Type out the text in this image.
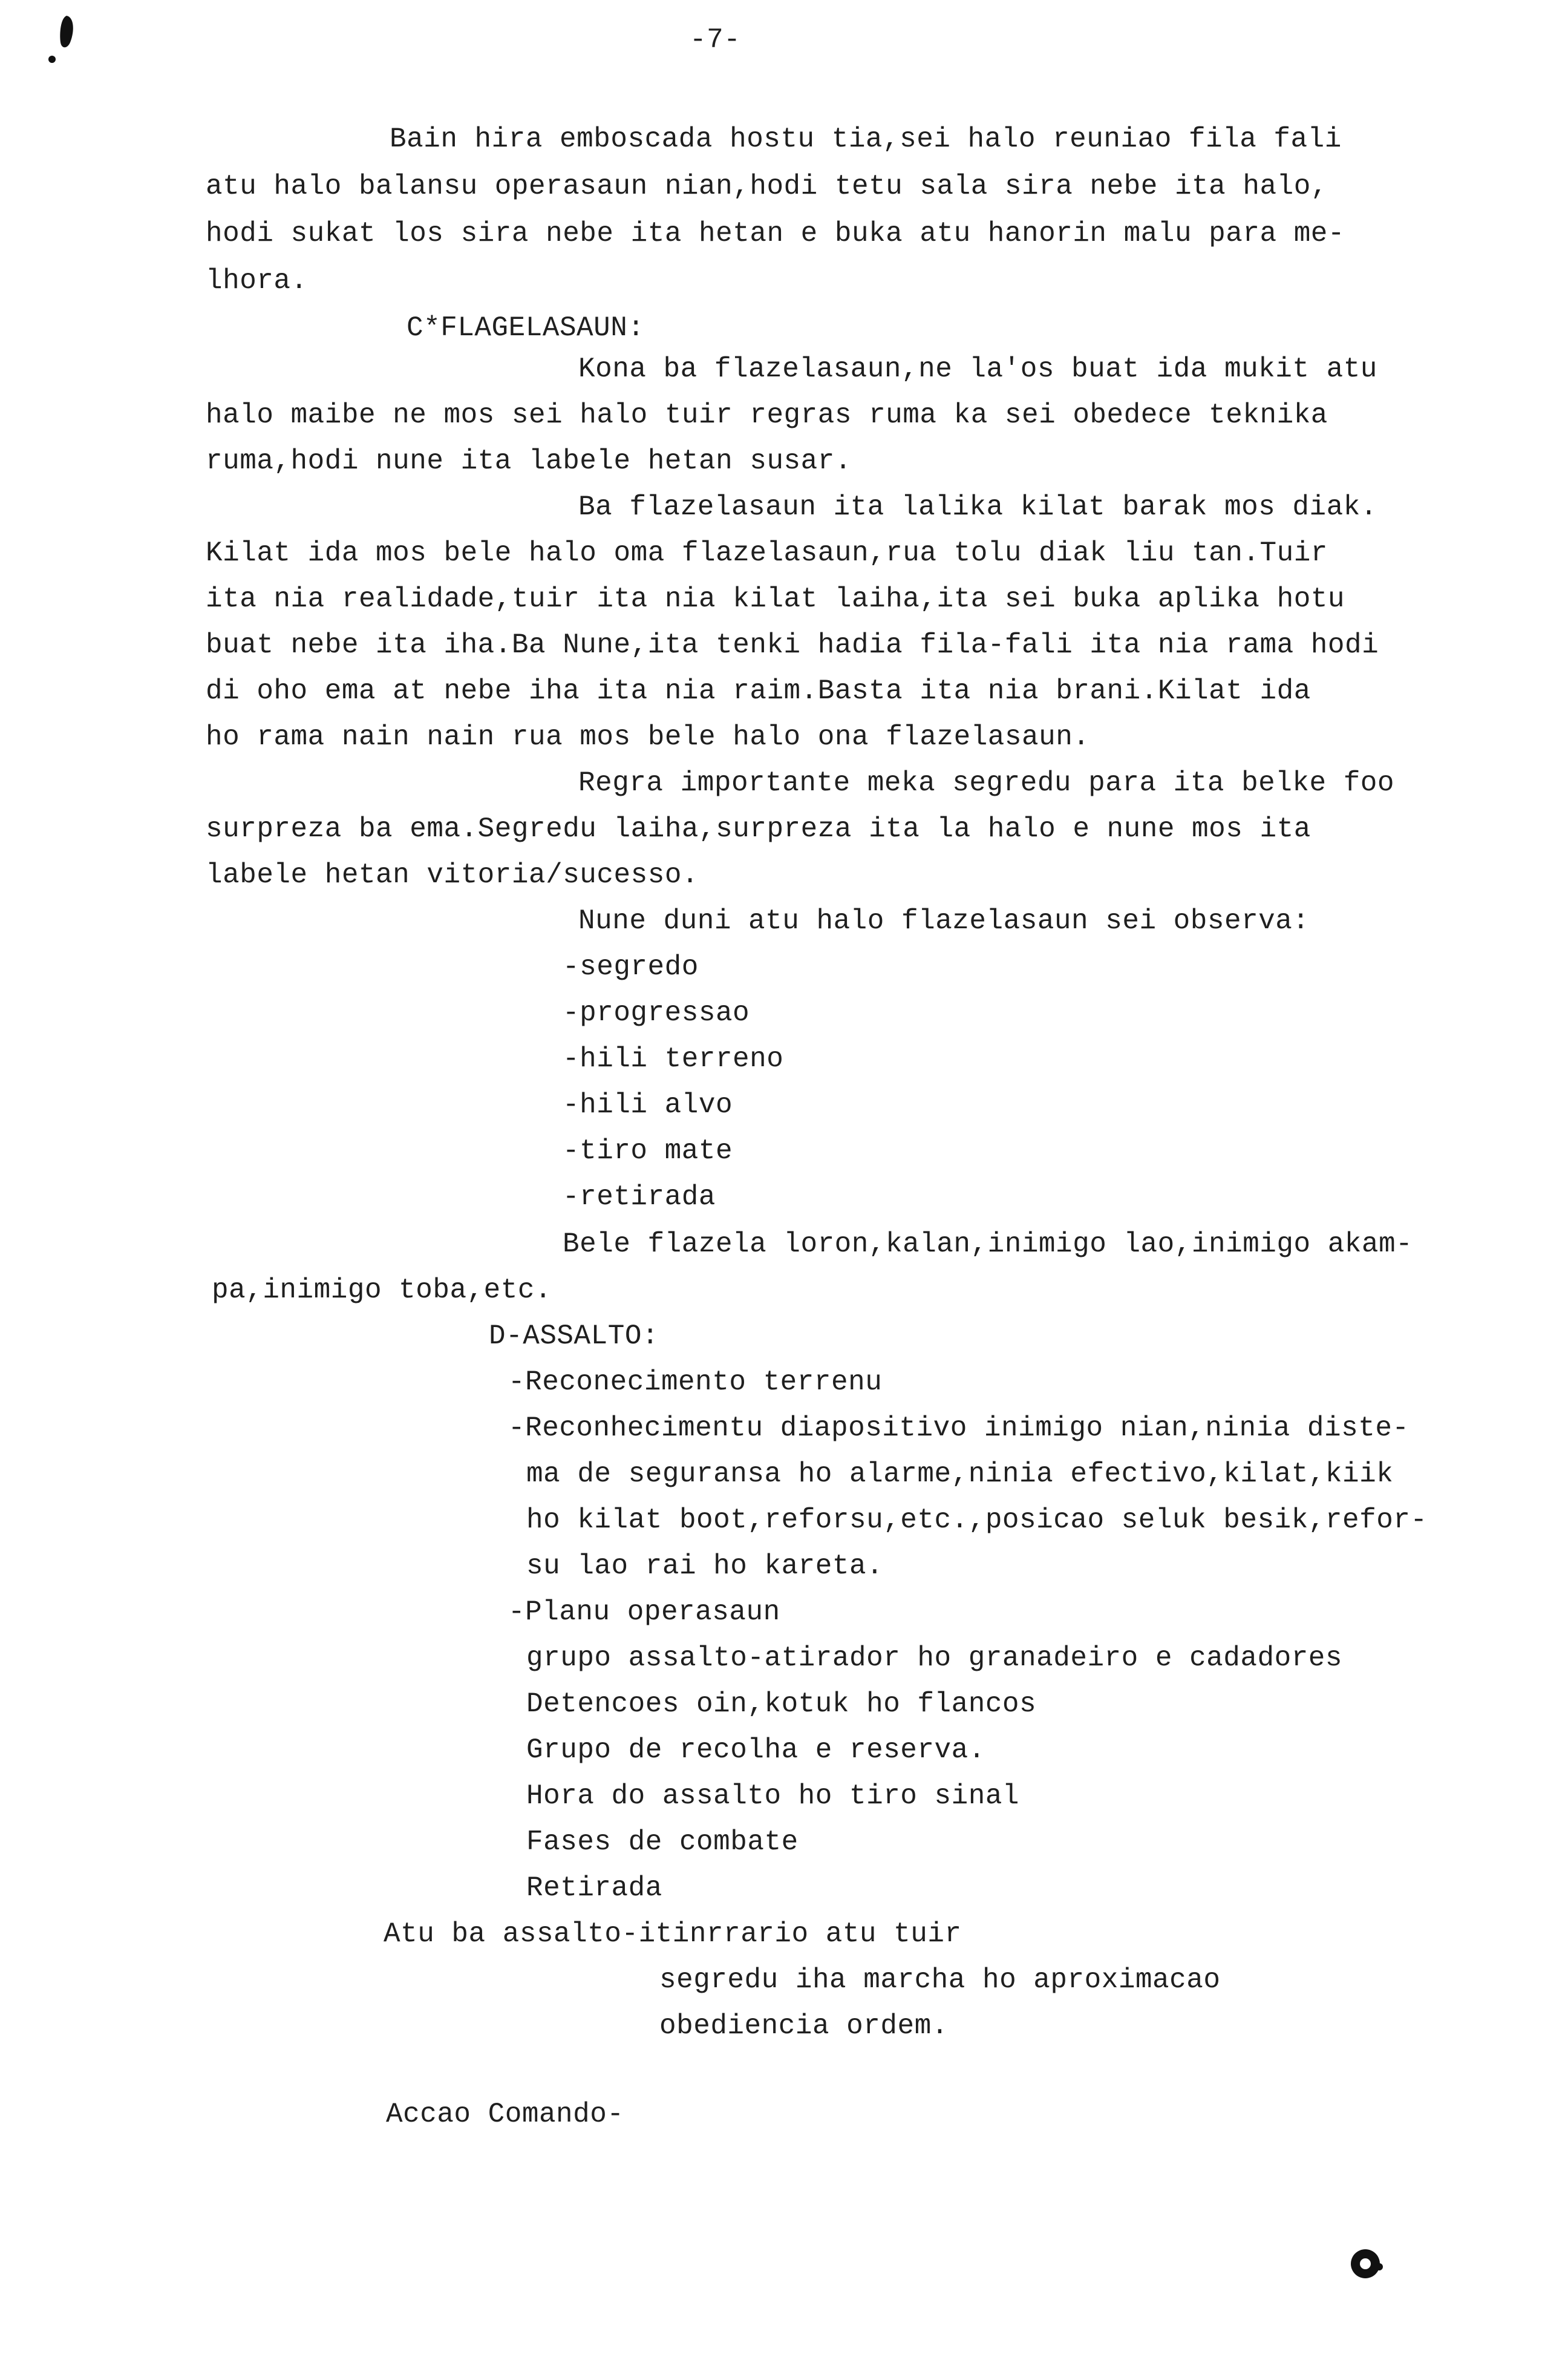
-7-
Bain hira emboscada hostu tia,sei halo reuniao fila fali
atu halo balansu operasaun nian,hodi tetu sala sira nebe ita halo,
hodi sukat los sira nebe ita hetan e buka atu hanorin malu para me-
lhora.
C*FLAGELASAUN:
Kona ba flazelasaun,ne la'os buat ida mukit atu
halo maibe ne mos sei halo tuir regras ruma ka sei obedece teknika
ruma,hodi nune ita labele hetan susar.
Ba flazelasaun ita lalika kilat barak mos diak.
Kilat ida mos bele halo oma flazelasaun,rua tolu diak liu tan.Tuir
ita nia realidade,tuir ita nia kilat laiha,ita sei buka aplika hotu
buat nebe ita iha.Ba Nune,ita tenki hadia fila-fali ita nia rama hodi
di oho ema at nebe iha ita nia raim.Basta ita nia brani.Kilat ida
ho rama nain nain rua mos bele halo ona flazelasaun.
Regra importante meka segredu para ita belke foo
surpreza ba ema.Segredu laiha,surpreza ita la halo e nune mos ita
labele hetan vitoria/sucesso.
Nune duni atu halo flazelasaun sei observa:
-segredo
-progressao
-hili terreno
-hili alvo
-tiro mate
-retirada
Bele flazela loron,kalan,inimigo lao,inimigo akam-
pa,inimigo toba,etc.
D-ASSALTO:
-Reconecimento terrenu
-Reconhecimentu diapositivo inimigo nian,ninia diste-
ma de seguransa ho alarme,ninia efectivo,kilat,kiik
ho kilat boot,reforsu,etc.,posicao seluk besik,refor-
su lao rai ho kareta.
-Planu operasaun
grupo assalto-atirador ho granadeiro e cadadores
Detencoes oin,kotuk ho flancos
Grupo de recolha e reserva.
Hora do assalto ho tiro sinal
Fases de combate
Retirada
Atu ba assalto-itinrrario atu tuir
segredu iha marcha ho aproximacao
obediencia ordem.
Accao Comando-
